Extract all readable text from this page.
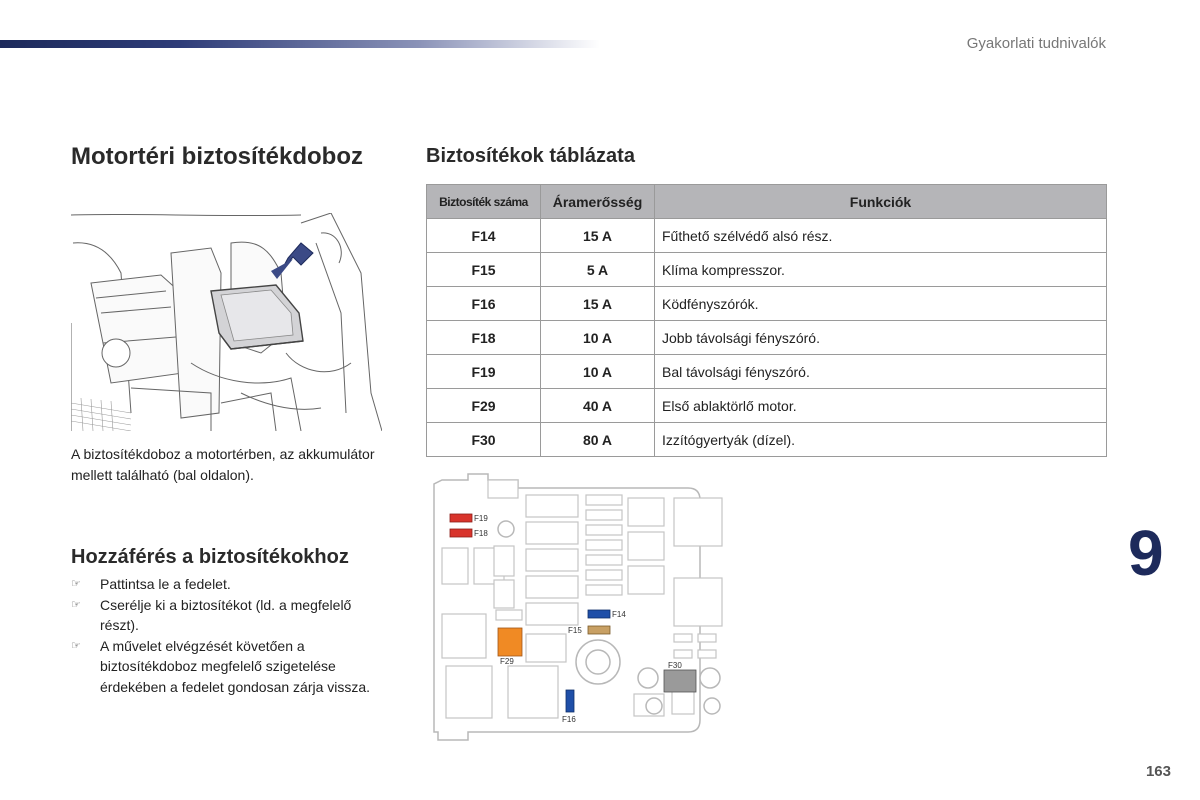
Gyakorlati tudnivalók
Motortéri biztosítékdoboz

A biztosítékdoboz a motortérben, az akkumulátor mellett található (bal oldalon).

Biztosítékok táblázata
Biztosíték száma	Áramerősség	Funkciók
F14	15 A	Fűthető szélvédő alsó rész.
F15	5 A	Klíma kompresszor.
F16	15 A	Ködfényszórók.
F18	10 A	Jobb távolsági fényszóró.
F19	10 A	Bal távolsági fényszóró.
F29	40 A	Első ablaktörlő motor.
F30	80 A	Izzítógyertyák (dízel).
Hozzáférés a biztosítékokhoz
☞ Pattintsa le a fedelet.
☞ Cserélje ki a biztosítékot (ld. a megfelelő részt).
☞ A művelet elvégzését követően a biztosítékdoboz megfelelő szigetelése érdekében a fedelet gondosan zárja vissza.
F19
F18
F14
F15
F29
F16
F30
9
163
